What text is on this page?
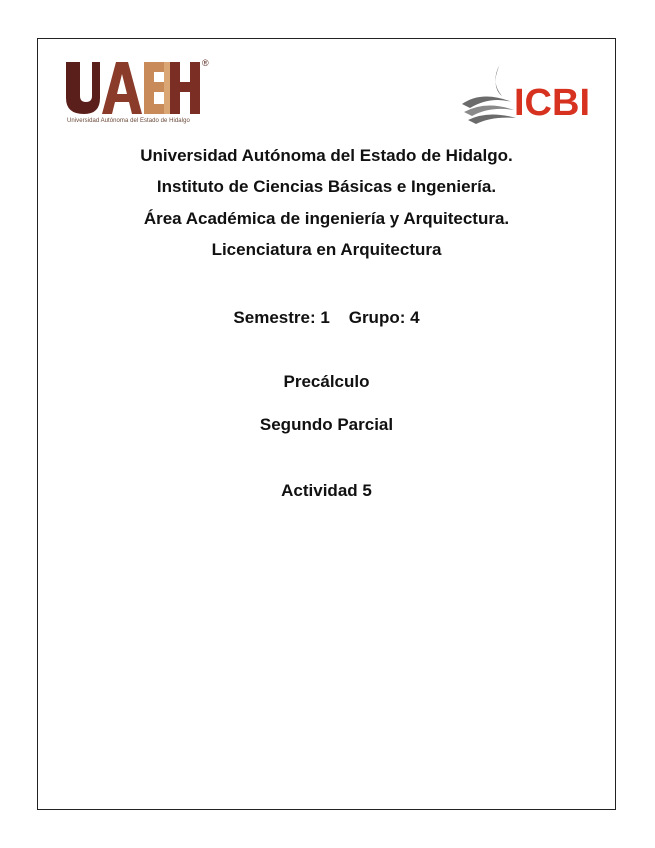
®
Universidad Autónoma del Estado de Hidalgo	ICBI

Universidad Autónoma del Estado de Hidalgo.

Instituto de Ciencias Básicas e Ingeniería.

Área Académica de ingeniería y Arquitectura.

Licenciatura en Arquitectura

Semestre: 1 Grupo: 4

Precálculo

Segundo Parcial

Actividad 5
